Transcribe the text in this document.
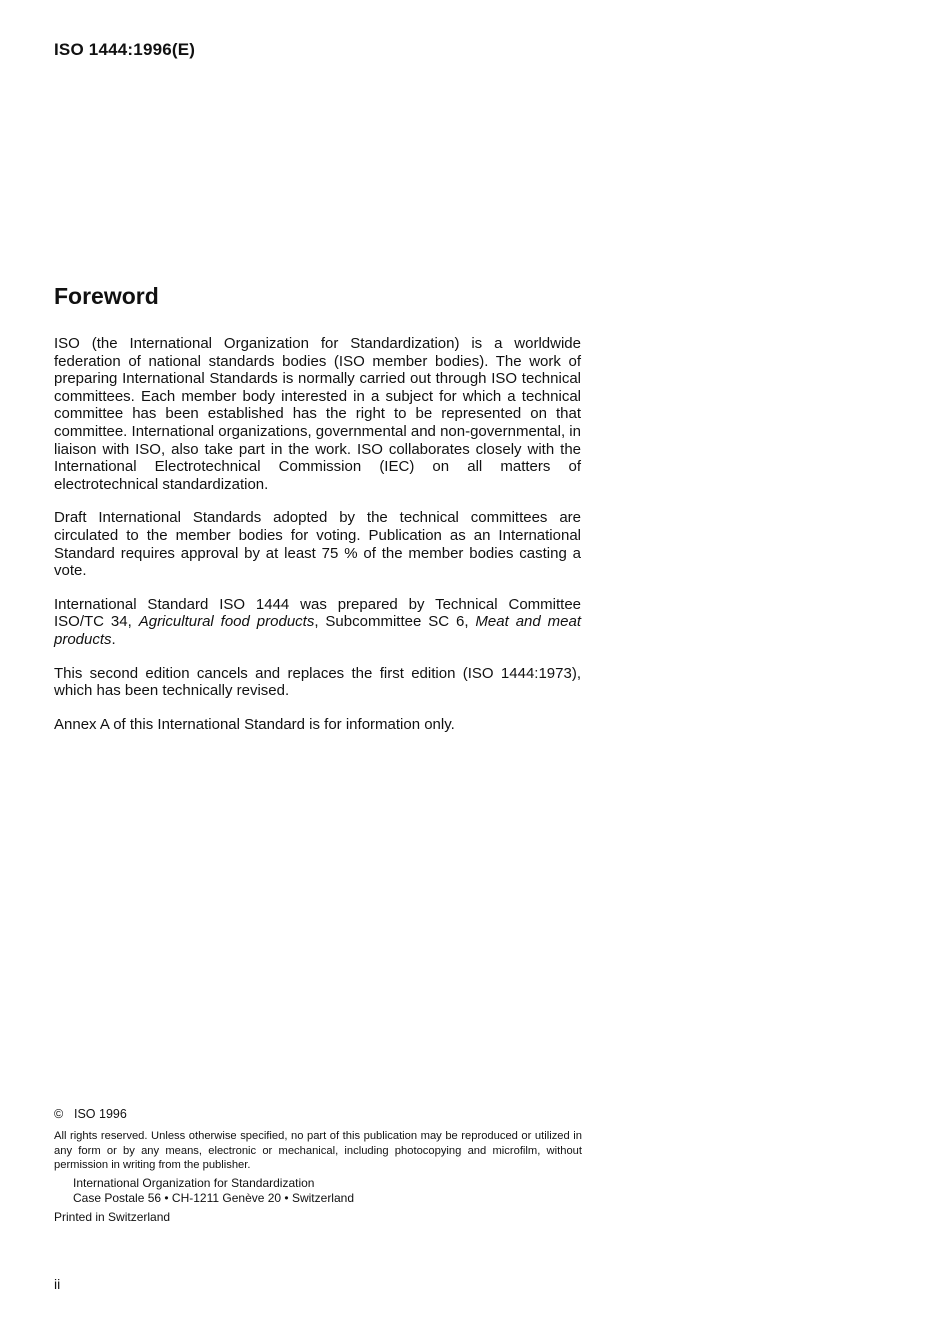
ISO 1444:1996(E)
Foreword

ISO (the International Organization for Standardization) is a worldwide federation of national standards bodies (ISO member bodies). The work of preparing International Standards is normally carried out through ISO technical committees. Each member body interested in a subject for which a technical committee has been established has the right to be represented on that committee. International organizations, governmental and non-governmental, in liaison with ISO, also take part in the work. ISO collaborates closely with the International Electrotechnical Commission (IEC) on all matters of electrotechnical standardization.

Draft International Standards adopted by the technical committees are circulated to the member bodies for voting. Publication as an International Standard requires approval by at least 75 % of the member bodies casting a vote.

International Standard ISO 1444 was prepared by Technical Committee ISO/TC 34, Agricultural food products, Subcommittee SC 6, Meat and meat products.

This second edition cancels and replaces the first edition (ISO 1444:1973), which has been technically revised.

Annex A of this International Standard is for information only.

© ISO 1996
All rights reserved. Unless otherwise specified, no part of this publication may be reproduced or utilized in any form or by any means, electronic or mechanical, including photocopying and microfilm, without permission in writing from the publisher.
International Organization for Standardization
Case Postale 56 • CH-1211 Genève 20 • Switzerland
Printed in Switzerland
ii
